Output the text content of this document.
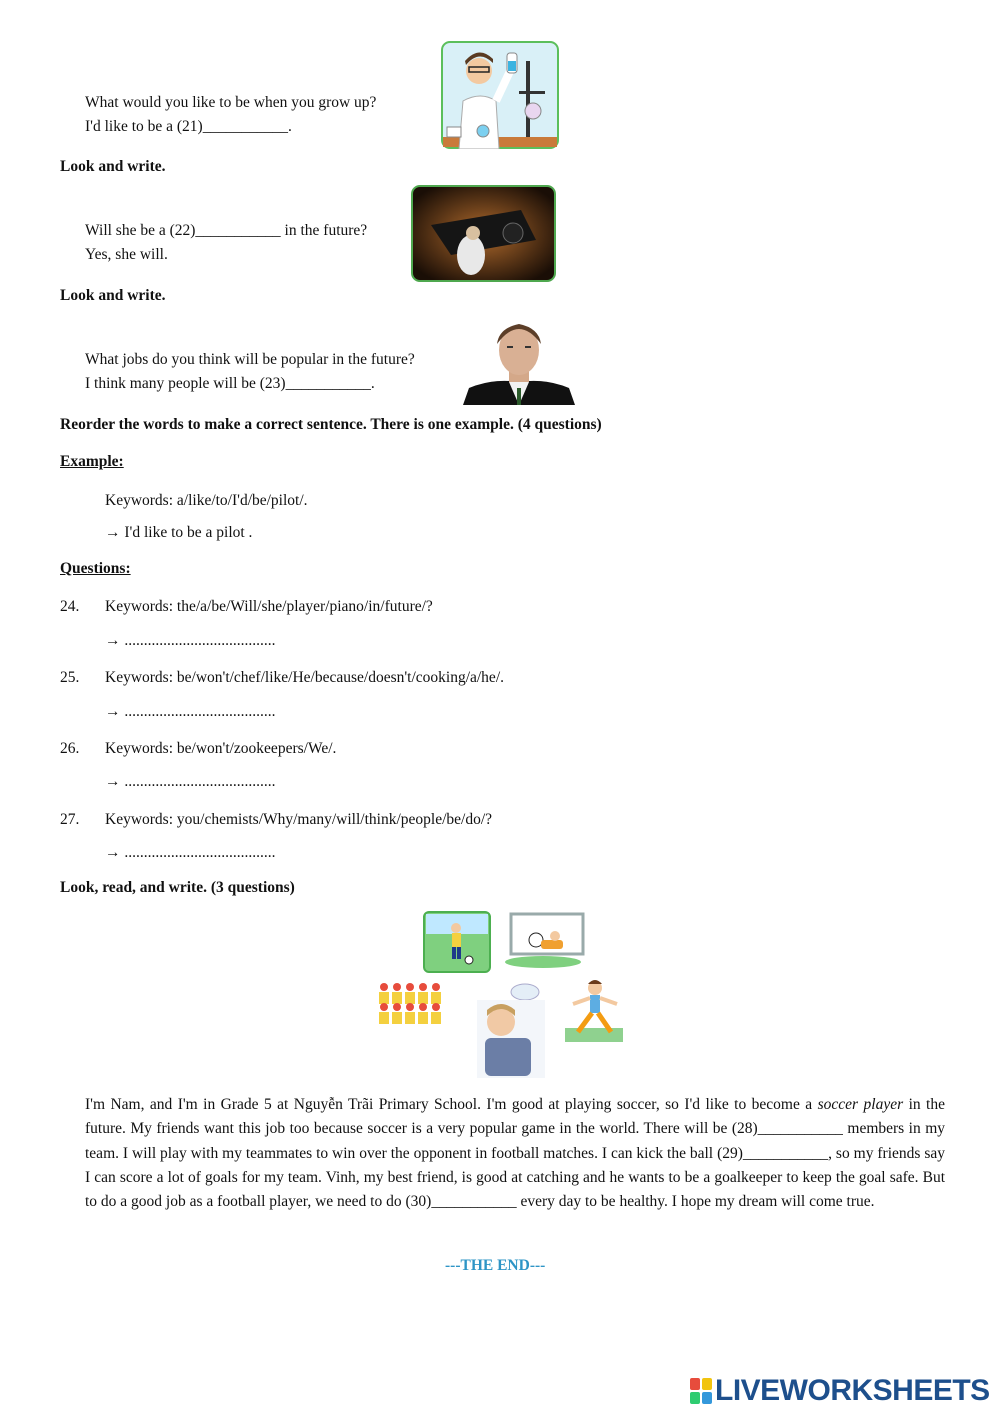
What would you like to be when you grow up?
I'd like to be a (21)___________.
Look and write.
Will she be a (22)___________ in the future?
Yes, she will.
Look and write.
What jobs do you think will be popular in the future?
I think many people will be (23)___________.
Reorder the words to make a correct sentence. There is one example. (4 questions)
Example:
Keywords: a/like/to/I'd/be/pilot/.
→ I'd like to be a pilot .
Questions:
24. Keywords: the/a/be/Will/she/player/piano/in/future/?
→ .......................................
25. Keywords: be/won't/chef/like/He/because/doesn't/cooking/a/he/.
→ .......................................
26. Keywords: be/won't/zookeepers/We/.
→ .......................................
27. Keywords: you/chemists/Why/many/will/think/people/be/do/?
→ .......................................
Look, read, and write. (3 questions)
I'm Nam, and I'm in Grade 5 at Nguyễn Trãi Primary School. I'm good at playing soccer, so I'd like to become a soccer player in the future. My friends want this job too because soccer is a very popular game in the world. There will be (28)___________ members in my team. I will play with my teammates to win over the opponent in football matches. I can kick the ball (29)___________, so my friends say I can score a lot of goals for my team. Vinh, my best friend, is good at catching and he wants to be a goalkeeper to keep the goal safe. But to do a good job as a football player, we need to do (30)___________ every day to be healthy. I hope my dream will come true.
---THE END---
LIVEWORKSHEETS
